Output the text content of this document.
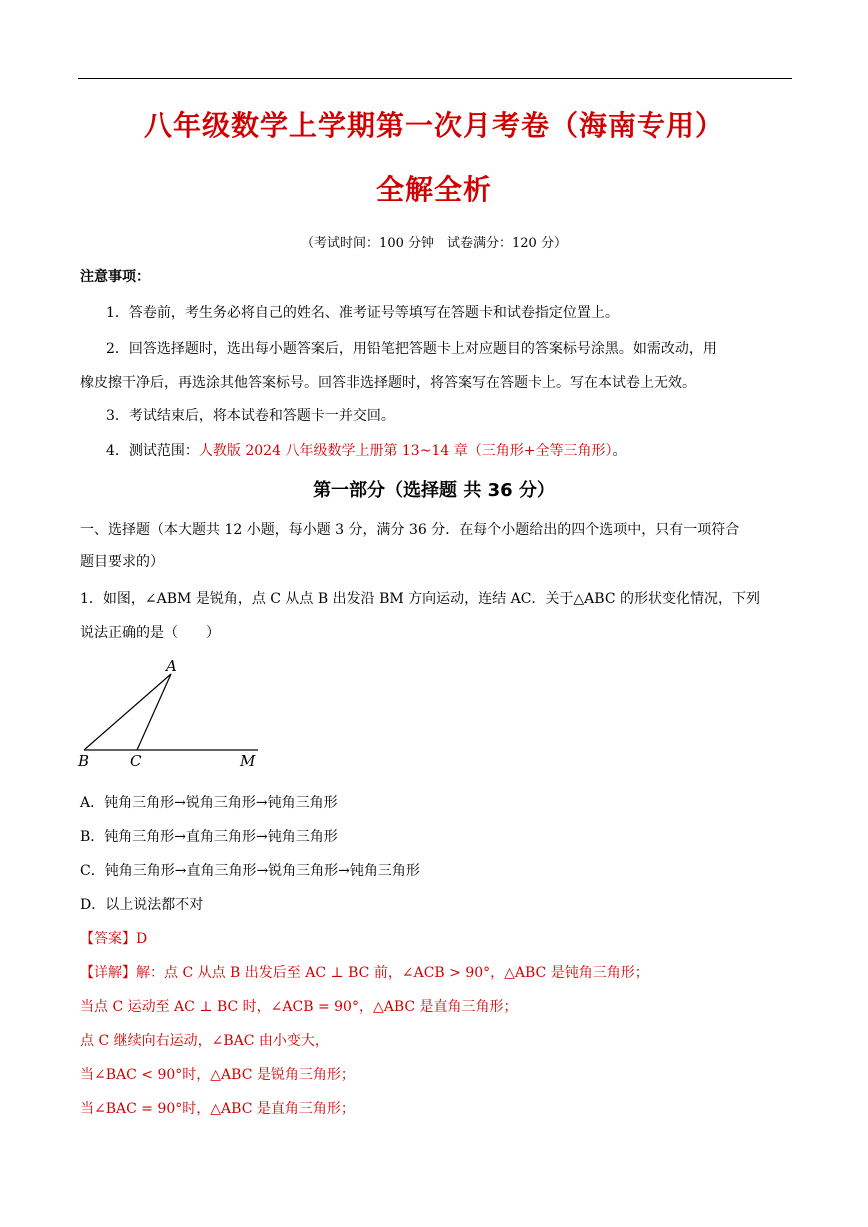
八年级数学上学期第一次月考卷（海南专用）
全解全析
（考试时间：100 分钟　试卷满分：120 分）
注意事项：
1．答卷前，考生务必将自己的姓名、准考证号等填写在答题卡和试卷指定位置上。
2．回答选择题时，选出每小题答案后，用铅笔把答题卡上对应题目的答案标号涂黑。如需改动，用
橡皮擦干净后，再选涂其他答案标号。回答非选择题时，将答案写在答题卡上。写在本试卷上无效。
3．考试结束后，将本试卷和答题卡一并交回。
4．测试范围：人教版 2024 八年级数学上册第 13~14 章（三角形+全等三角形）。
第一部分（选择题 共 36 分）
一、选择题（本大题共 12 小题，每小题 3 分，满分 36 分．在每个小题给出的四个选项中，只有一项符合
题目要求的）
1．如图，∠ABM 是锐角，点 C 从点 B 出发沿 BM 方向运动，连结 AC．关于△ABC 的形状变化情况，下列
说法正确的是（　　）
A
B	C	M
A．钝角三角形→锐角三角形→钝角三角形
B．钝角三角形→直角三角形→钝角三角形
C．钝角三角形→直角三角形→锐角三角形→钝角三角形
D．以上说法都不对
【答案】D
【详解】解：点 C 从点 B 出发后至 AC ⊥ BC 前，∠ACB > 90°，△ABC 是钝角三角形；
当点 C 运动至 AC ⊥ BC 时，∠ACB = 90°，△ABC 是直角三角形；
点 C 继续向右运动，∠BAC 由小变大，
当∠BAC < 90°时，△ABC 是锐角三角形；
当∠BAC = 90°时，△ABC 是直角三角形；
